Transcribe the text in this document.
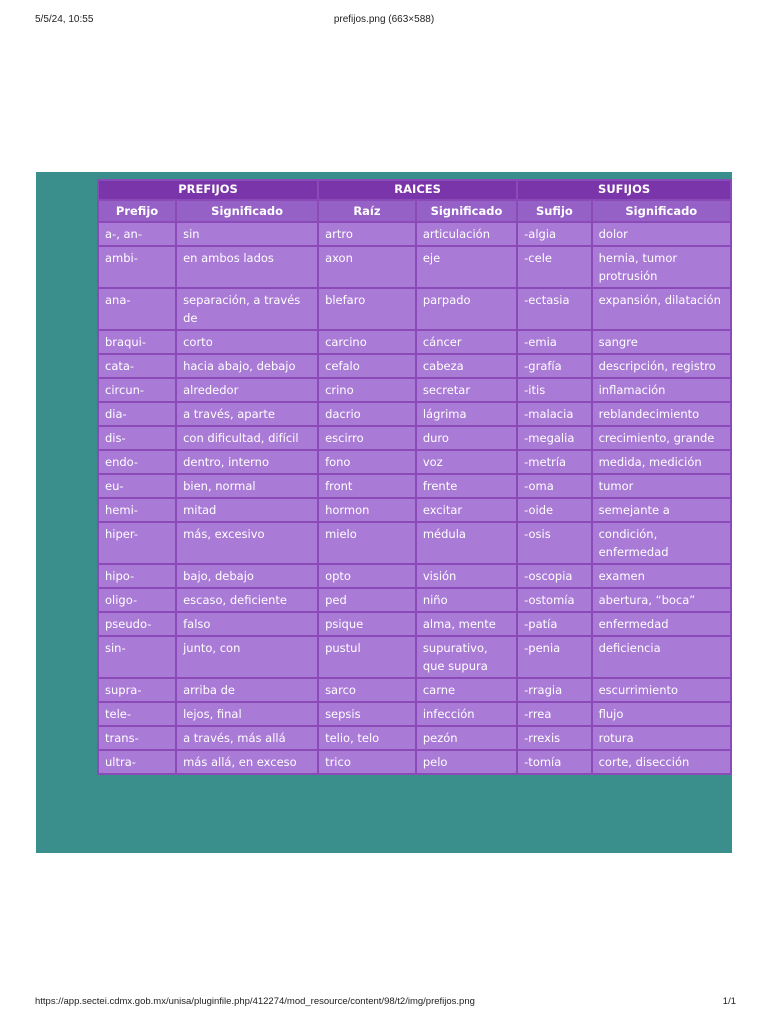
5/5/24, 10:55	prefijos.png (663×588)
PREFIJOS		RAICES		SUFIJOS	
Prefijo	Significado	Raíz	Significado	Sufijo	Significado
a-, an-	sin	artro	articulación	-algia	dolor
ambi-	en ambos lados	axon	eje	-cele	hernia, tumor protrusión
ana-	separación, a través de	blefaro	parpado	-ectasia	expansión, dilatación
braqui-	corto	carcino	cáncer	-emia	sangre
cata-	hacia abajo, debajo	cefalo	cabeza	-grafía	descripción, registro
circun-	alrededor	crino	secretar	-itis	inflamación
dia-	a través, aparte	dacrio	lágrima	-malacia	reblandecimiento
dis-	con dificultad, difícil	escirro	duro	-megalia	crecimiento, grande
endo-	dentro, interno	fono	voz	-metría	medida, medición
eu-	bien, normal	front	frente	-oma	tumor
hemi-	mitad	hormon	excitar	-oide	semejante a
hiper-	más, excesivo	mielo	médula	-osis	condición, enfermedad
hipo-	bajo, debajo	opto	visión	-oscopia	examen
oligo-	escaso, deficiente	ped	niño	-ostomía	abertura, “boca”
pseudo-	falso	psique	alma, mente	-patía	enfermedad
sin-	junto, con	pustul	supurativo, que supura	-penia	deficiencia
supra-	arriba de	sarco	carne	-rragia	escurrimiento
tele-	lejos, final	sepsis	infección	-rrea	flujo
trans-	a través, más allá	telio, telo	pezón	-rrexis	rotura
ultra-	más allá, en exceso	trico	pelo	-tomía	corte, disección
https://app.sectei.cdmx.gob.mx/unisa/pluginfile.php/412274/mod_resource/content/98/t2/img/prefijos.png	1/1
